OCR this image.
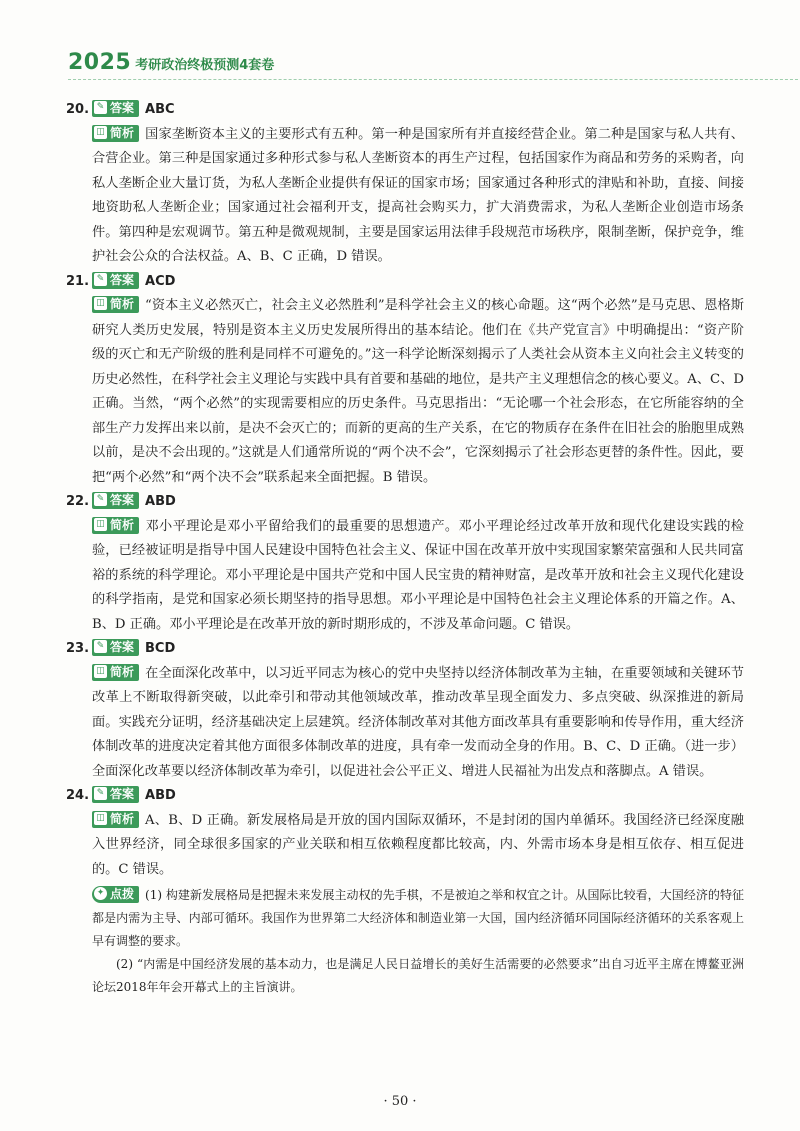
2025 考研政治终极预测4套卷
20. ✎ 答案 ABC

◫ 简析 国家垄断资本主义的主要形式有五种。第一种是国家所有并直接经营企业。第二种是国家与私人共有、合营企业。第三种是国家通过多种形式参与私人垄断资本的再生产过程，包括国家作为商品和劳务的采购者，向私人垄断企业大量订货，为私人垄断企业提供有保证的国家市场；国家通过各种形式的津贴和补助，直接、间接地资助私人垄断企业；国家通过社会福利开支，提高社会购买力，扩大消费需求，为私人垄断企业创造市场条件。第四种是宏观调节。第五种是微观规制，主要是国家运用法律手段规范市场秩序，限制垄断，保护竞争，维护社会公众的合法权益。A、B、C 正确，D 错误。

21. ✎ 答案 ACD

◫ 简析 “资本主义必然灭亡，社会主义必然胜利”是科学社会主义的核心命题。这“两个必然”是马克思、恩格斯研究人类历史发展，特别是资本主义历史发展所得出的基本结论。他们在《共产党宣言》中明确提出：“资产阶级的灭亡和无产阶级的胜利是同样不可避免的。”这一科学论断深刻揭示了人类社会从资本主义向社会主义转变的历史必然性，在科学社会主义理论与实践中具有首要和基础的地位，是共产主义理想信念的核心要义。A、C、D 正确。当然，“两个必然”的实现需要相应的历史条件。马克思指出：“无论哪一个社会形态，在它所能容纳的全部生产力发挥出来以前，是决不会灭亡的；而新的更高的生产关系，在它的物质存在条件在旧社会的胎胞里成熟以前，是决不会出现的。”这就是人们通常所说的“两个决不会”，它深刻揭示了社会形态更替的条件性。因此，要把“两个必然”和“两个决不会”联系起来全面把握。B 错误。

22. ✎ 答案 ABD

◫ 简析 邓小平理论是邓小平留给我们的最重要的思想遗产。邓小平理论经过改革开放和现代化建设实践的检验，已经被证明是指导中国人民建设中国特色社会主义、保证中国在改革开放中实现国家繁荣富强和人民共同富裕的系统的科学理论。邓小平理论是中国共产党和中国人民宝贵的精神财富，是改革开放和社会主义现代化建设的科学指南，是党和国家必须长期坚持的指导思想。邓小平理论是中国特色社会主义理论体系的开篇之作。A、B、D 正确。邓小平理论是在改革开放的新时期形成的，不涉及革命问题。C 错误。

23. ✎ 答案 BCD

◫ 简析 在全面深化改革中，以习近平同志为核心的党中央坚持以经济体制改革为主轴，在重要领域和关键环节改革上不断取得新突破，以此牵引和带动其他领域改革，推动改革呈现全面发力、多点突破、纵深推进的新局面。实践充分证明，经济基础决定上层建筑。经济体制改革对其他方面改革具有重要影响和传导作用，重大经济体制改革的进度决定着其他方面很多体制改革的进度，具有牵一发而动全身的作用。B、C、D 正确。（进一步）全面深化改革要以经济体制改革为牵引，以促进社会公平正义、增进人民福祉为出发点和落脚点。A 错误。

24. ✎ 答案 ABD

◫ 简析 A、B、D 正确。新发展格局是开放的国内国际双循环，不是封闭的国内单循环。我国经济已经深度融入世界经济，同全球很多国家的产业关联和相互依赖程度都比较高，内、外需市场本身是相互依存、相互促进的。C 错误。

✦ 点拨 (1) 构建新发展格局是把握未来发展主动权的先手棋，不是被迫之举和权宜之计。从国际比较看，大国经济的特征都是内需为主导、内部可循环。我国作为世界第二大经济体和制造业第一大国，国内经济循环同国际经济循环的关系客观上早有调整的要求。

(2) “内需是中国经济发展的基本动力，也是满足人民日益增长的美好生活需要的必然要求”出自习近平主席在博鳌亚洲论坛2018年年会开幕式上的主旨演讲。

· 50 ·
